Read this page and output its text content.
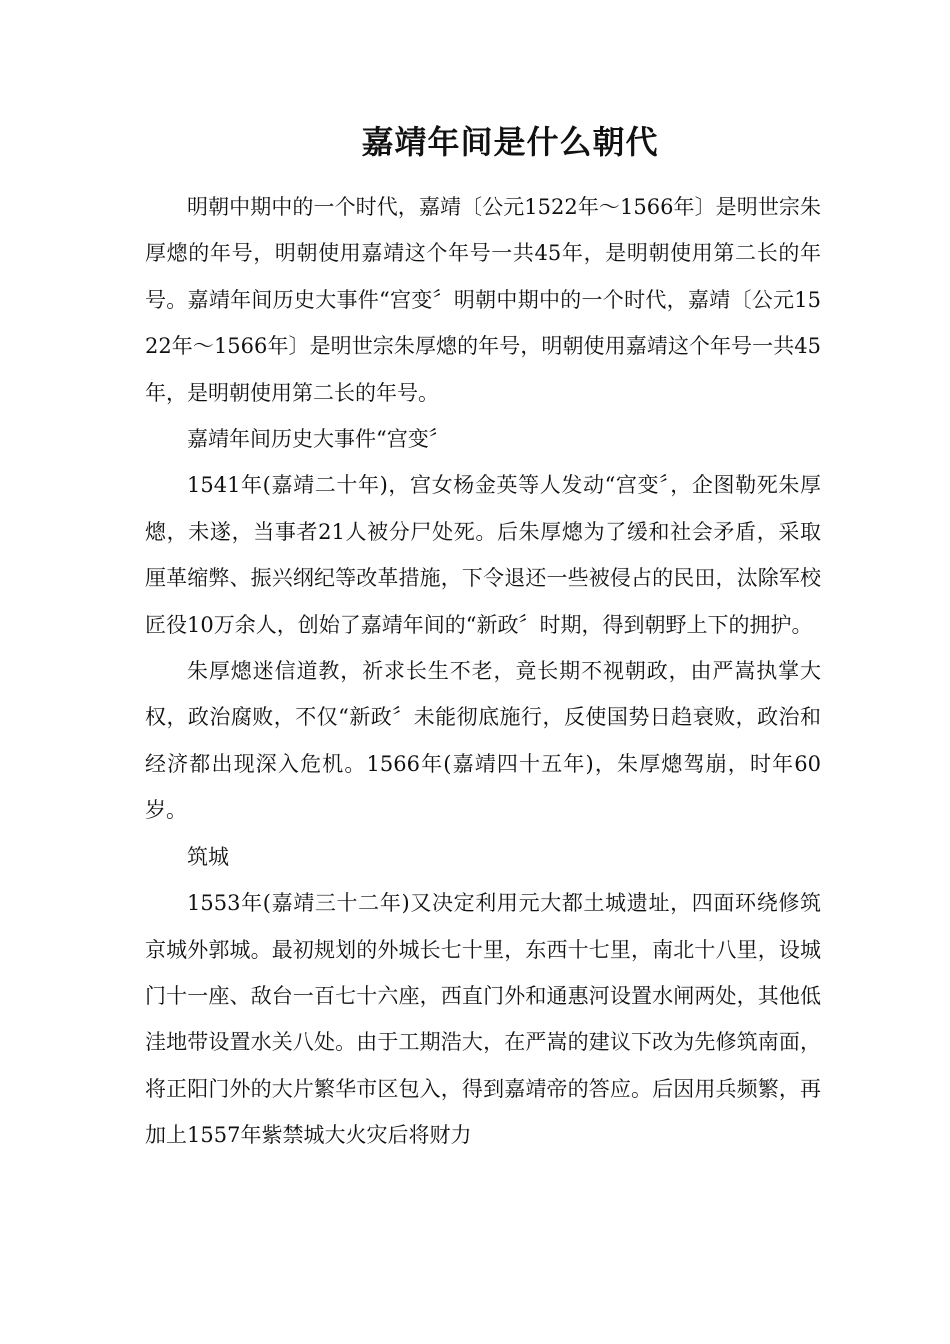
嘉靖年间是什么朝代

明朝中期中的一个时代，嘉靖〔公元1522年～1566年〕是明世宗朱厚熜的年号，明朝使用嘉靖这个年号一共45年，是明朝使用第二长的年号。嘉靖年间历史大事件“宫变〞明朝中期中的一个时代，嘉靖〔公元1522年～1566年〕是明世宗朱厚熜的年号，明朝使用嘉靖这个年号一共45年，是明朝使用第二长的年号。

嘉靖年间历史大事件“宫变〞

1541年(嘉靖二十年)，宫女杨金英等人发动“宫变〞，企图勒死朱厚熜，未遂，当事者21人被分尸处死。后朱厚熜为了缓和社会矛盾，采取厘革缩弊、振兴纲纪等改革措施，下令退还一些被侵占的民田，汰除军校匠役10万余人，创始了嘉靖年间的“新政〞时期，得到朝野上下的拥护。

朱厚熜迷信道教，祈求长生不老，竟长期不视朝政，由严嵩执掌大权，政治腐败，不仅“新政〞未能彻底施行，反使国势日趋衰败，政治和经济都出现深入危机。1566年(嘉靖四十五年)，朱厚熜驾崩，时年60岁。

筑城

1553年(嘉靖三十二年)又决定利用元大都土城遗址，四面环绕修筑京城外郭城。最初规划的外城长七十里，东西十七里，南北十八里，设城门十一座、敌台一百七十六座，西直门外和通惠河设置水闸两处，其他低洼地带设置水关八处。由于工期浩大，在严嵩的建议下改为先修筑南面，将正阳门外的大片繁华市区包入，得到嘉靖帝的答应。后因用兵频繁，再加上1557年紫禁城大火灾后将财力
